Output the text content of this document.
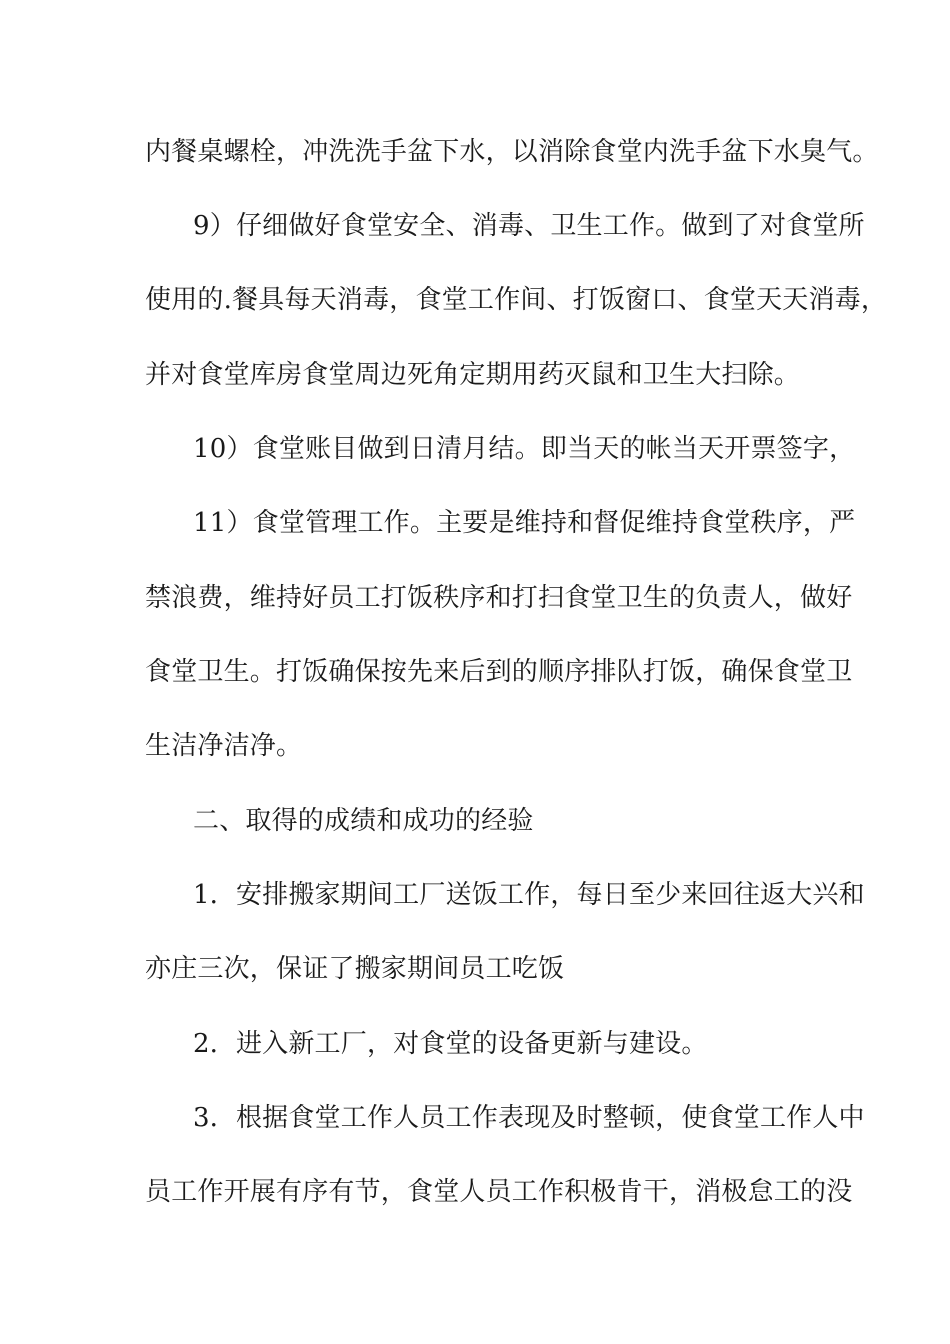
内餐桌螺栓，冲洗洗手盆下水，以消除食堂内洗手盆下水臭气。
9）仔细做好食堂安全、消毒、卫生工作。做到了对食堂所
使用的.餐具每天消毒，食堂工作间、打饭窗口、食堂天天消毒，
并对食堂库房食堂周边死角定期用药灭鼠和卫生大扫除。
10）食堂账目做到日清月结。即当天的帐当天开票签字，
11）食堂管理工作。主要是维持和督促维持食堂秩序，严
禁浪费，维持好员工打饭秩序和打扫食堂卫生的负责人，做好
食堂卫生。打饭确保按先来后到的顺序排队打饭，确保食堂卫
生洁净洁净。
二、取得的成绩和成功的经验
1．安排搬家期间工厂送饭工作，每日至少来回往返大兴和
亦庄三次，保证了搬家期间员工吃饭
2．进入新工厂，对食堂的设备更新与建设。
3．根据食堂工作人员工作表现及时整顿，使食堂工作人中
员工作开展有序有节，食堂人员工作积极肯干，消极怠工的没
